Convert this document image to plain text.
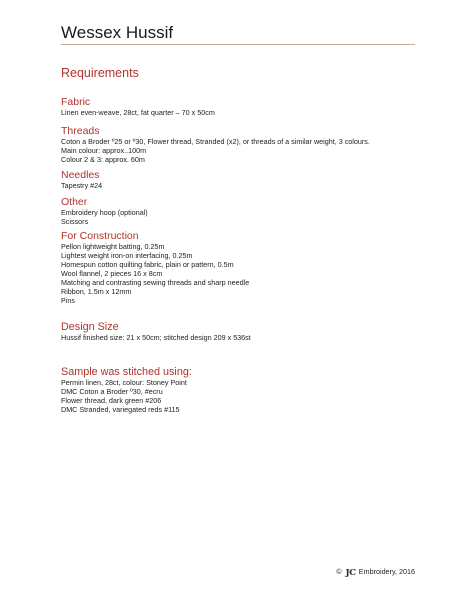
Wessex Hussif
Requirements
Fabric
Linen even-weave, 28ct, fat quarter – 70 x 50cm
Threads
Coton a Broder º25 or º30, Flower thread, Stranded (x2), or threads of a similar weight, 3 colours.
Main colour: approx..100m
Colour 2 & 3: approx. 60m
Needles
Tapestry #24
Other
Embroidery hoop (optional)
Scissors
For Construction
Pellon lightweight batting, 0.25m
Lightest weight iron-on interfacing, 0.25m
Homespun cotton quilting fabric, plain or pattern, 0.5m
Wool flannel, 2 pieces 16 x 8cm
Matching and contrasting sewing threads and sharp needle
Ribbon, 1.5m x 12mm
Pins
Design Size
Hussif finished size: 21 x 50cm; stitched design 209 x 536st
Sample was stitched using:
Permin linen, 28ct, colour: Stoney Point
DMC Coton a Broder º30, #ecru
Flower thread, dark green #206
DMC Stranded, variegated reds #115
© JC Embroidery, 2016
